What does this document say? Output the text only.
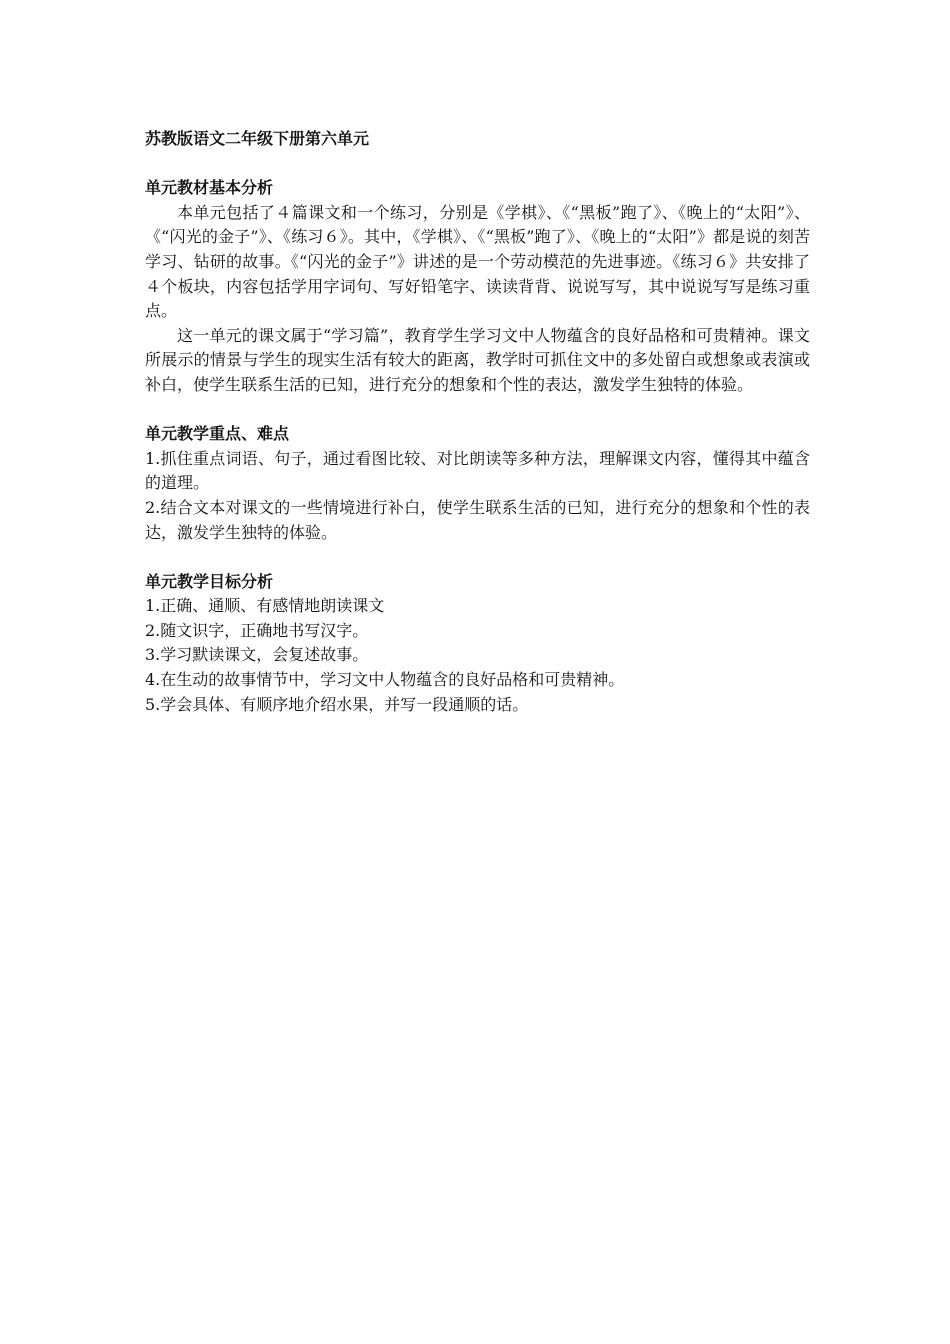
苏教版语文二年级下册第六单元

单元教材基本分析

本单元包括了４篇课文和一个练习，分别是《学棋》、《“黑板”跑了》、《晚上的“太阳”》、《“闪光的金子”》、《练习６》。其中，《学棋》、《“黑板”跑了》、《晚上的“太阳”》都是说的刻苦学习、钻研的故事。《“闪光的金子”》讲述的是一个劳动模范的先进事迹。《练习６》共安排了４个板块，内容包括学用字词句、写好铅笔字、读读背背、说说写写，其中说说写写是练习重点。

这一单元的课文属于“学习篇”，教育学生学习文中人物蕴含的良好品格和可贵精神。课文所展示的情景与学生的现实生活有较大的距离，教学时可抓住文中的多处留白或想象或表演或补白，使学生联系生活的已知，进行充分的想象和个性的表达，激发学生独特的体验。

单元教学重点、难点

1.抓住重点词语、句子，通过看图比较、对比朗读等多种方法，理解课文内容，懂得其中蕴含的道理。
2.结合文本对课文的一些情境进行补白，使学生联系生活的已知，进行充分的想象和个性的表达，激发学生独特的体验。

单元教学目标分析

1.正确、通顺、有感情地朗读课文
2.随文识字，正确地书写汉字。
3.学习默读课文，会复述故事。
4.在生动的故事情节中，学习文中人物蕴含的良好品格和可贵精神。
5.学会具体、有顺序地介绍水果，并写一段通顺的话。
